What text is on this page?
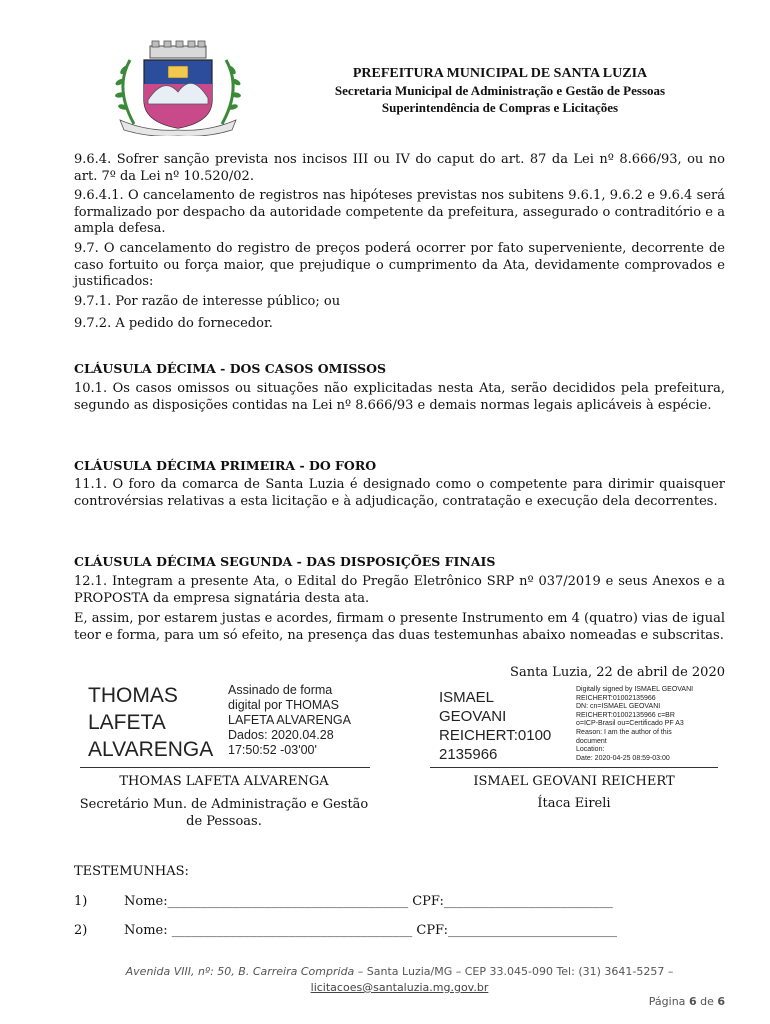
PREFEITURA MUNICIPAL DE SANTA LUZIA
Secretaria Municipal de Administração e Gestão de Pessoas
Superintendência de Compras e Licitações
9.6.4. Sofrer sanção prevista nos incisos III ou IV do caput do art. 87 da Lei nº 8.666/93, ou no art. 7º da Lei nº 10.520/02.
9.6.4.1. O cancelamento de registros nas hipóteses previstas nos subitens 9.6.1, 9.6.2 e 9.6.4 será formalizado por despacho da autoridade competente da prefeitura, assegurado o contraditório e a ampla defesa.
9.7. O cancelamento do registro de preços poderá ocorrer por fato superveniente, decorrente de caso fortuito ou força maior, que prejudique o cumprimento da Ata, devidamente comprovados e justificados:
9.7.1. Por razão de interesse público; ou
9.7.2. A pedido do fornecedor.
CLÁUSULA DÉCIMA - DOS CASOS OMISSOS
10.1. Os casos omissos ou situações não explicitadas nesta Ata, serão decididos pela prefeitura, segundo as disposições contidas na Lei nº 8.666/93 e demais normas legais aplicáveis à espécie.
CLÁUSULA DÉCIMA PRIMEIRA - DO FORO
11.1. O foro da comarca de Santa Luzia é designado como o competente para dirimir quaisquer controvérsias relativas a esta licitação e à adjudicação, contratação e execução dela decorrentes.
CLÁUSULA DÉCIMA SEGUNDA - DAS DISPOSIÇÕES FINAIS
12.1. Integram a presente Ata, o Edital do Pregão Eletrônico SRP nº 037/2019 e seus Anexos e a PROPOSTA da empresa signatária desta ata.
E, assim, por estarem justas e acordes, firmam o presente Instrumento em 4 (quatro) vias de igual teor e forma, para um só efeito, na presença das duas testemunhas abaixo nomeadas e subscritas.
Santa Luzia, 22 de abril de 2020
THOMAS
LAFETA
ALVARENGA
Assinado de forma
digital por THOMAS
LAFETA ALVARENGA
Dados: 2020.04.28
17:50:52 -03'00'
THOMAS LAFETA ALVARENGA
Secretário Mun. de Administração e Gestão
de Pessoas.
ISMAEL
GEOVANI
REICHERT:0100
2135966
Digitally signed by ISMAEL GEOVANI
REICHERT:01002135966
DN: cn=ISMAEL GEOVANI
REICHERT:01002135966 c=BR
o=ICP-Brasil ou=Certificado PF A3
Reason: I am the author of this
document
Location:
Date: 2020-04-25 08:59-03:00
ISMAEL GEOVANI REICHERT
Ítaca Eireli
TESTEMUNHAS:
1)	Nome:_____________________________________ CPF:__________________________
2)	Nome: _____________________________________ CPF:__________________________
Avenida VIII, nº: 50, B. Carreira Comprida – Santa Luzia/MG – CEP 33.045-090 Tel: (31) 3641-5257 –
licitacoes@santaluzia.mg.gov.br
Página 6 de 6
